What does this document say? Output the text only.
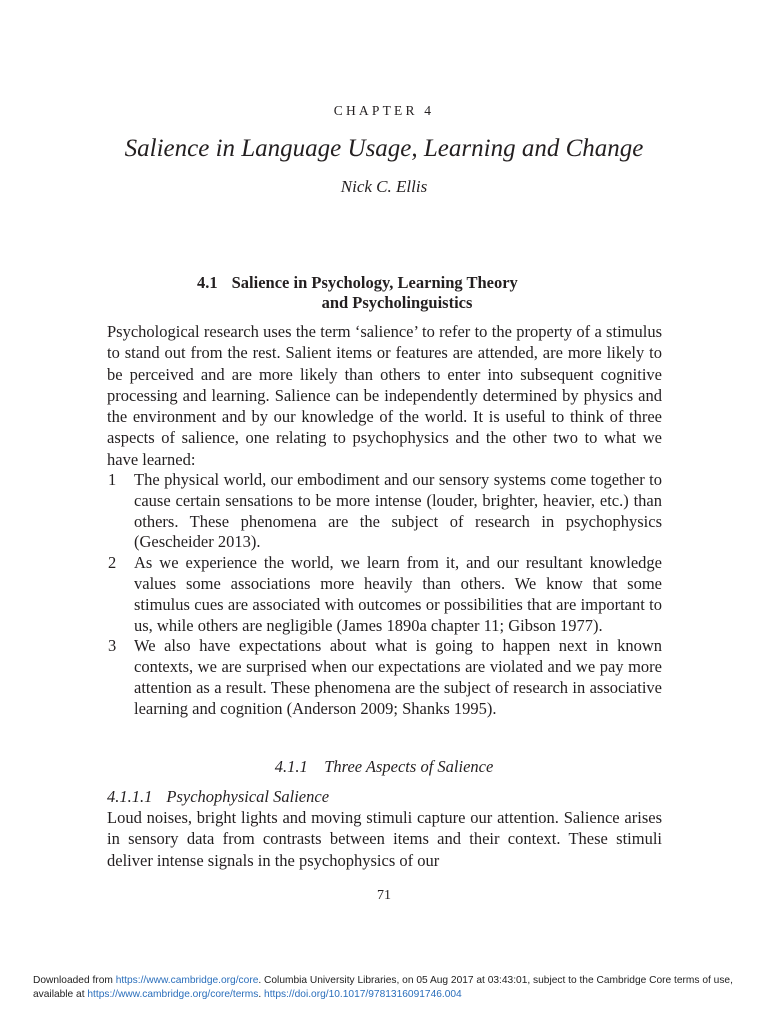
CHAPTER 4
Salience in Language Usage, Learning and Change
Nick C. Ellis
4.1 Salience in Psychology, Learning Theory
and Psycholinguistics

Psychological research uses the term ‘salience’ to refer to the property of a stimulus to stand out from the rest. Salient items or features are attended, are more likely to be perceived and are more likely than others to enter into subsequent cognitive processing and learning. Salience can be independently determined by physics and the environment and by our knowledge of the world. It is useful to think of three aspects of salience, one relating to psychophysics and the other two to what we have learned:

1 The physical world, our embodiment and our sensory systems come together to cause certain sensations to be more intense (louder, brighter, heavier, etc.) than others. These phenomena are the subject of research in psychophysics (Gescheider 2013).
2 As we experience the world, we learn from it, and our resultant knowledge values some associations more heavily than others. We know that some stimulus cues are associated with outcomes or possibilities that are important to us, while others are negligible (James 1890a chapter 11; Gibson 1977).
3 We also have expectations about what is going to happen next in known contexts, we are surprised when our expectations are violated and we pay more attention as a result. These phenomena are the subject of research in associative learning and cognition (Anderson 2009; Shanks 1995).
4.1.1 Three Aspects of Salience
4.1.1.1 Psychophysical Salience

Loud noises, bright lights and moving stimuli capture our attention. Salience arises in sensory data from contrasts between items and their context. These stimuli deliver intense signals in the psychophysics of our

71
Downloaded from https://www.cambridge.org/core. Columbia University Libraries, on 05 Aug 2017 at 03:43:01, subject to the Cambridge Core terms of use, available at https://www.cambridge.org/core/terms. https://doi.org/10.1017/9781316091746.004
